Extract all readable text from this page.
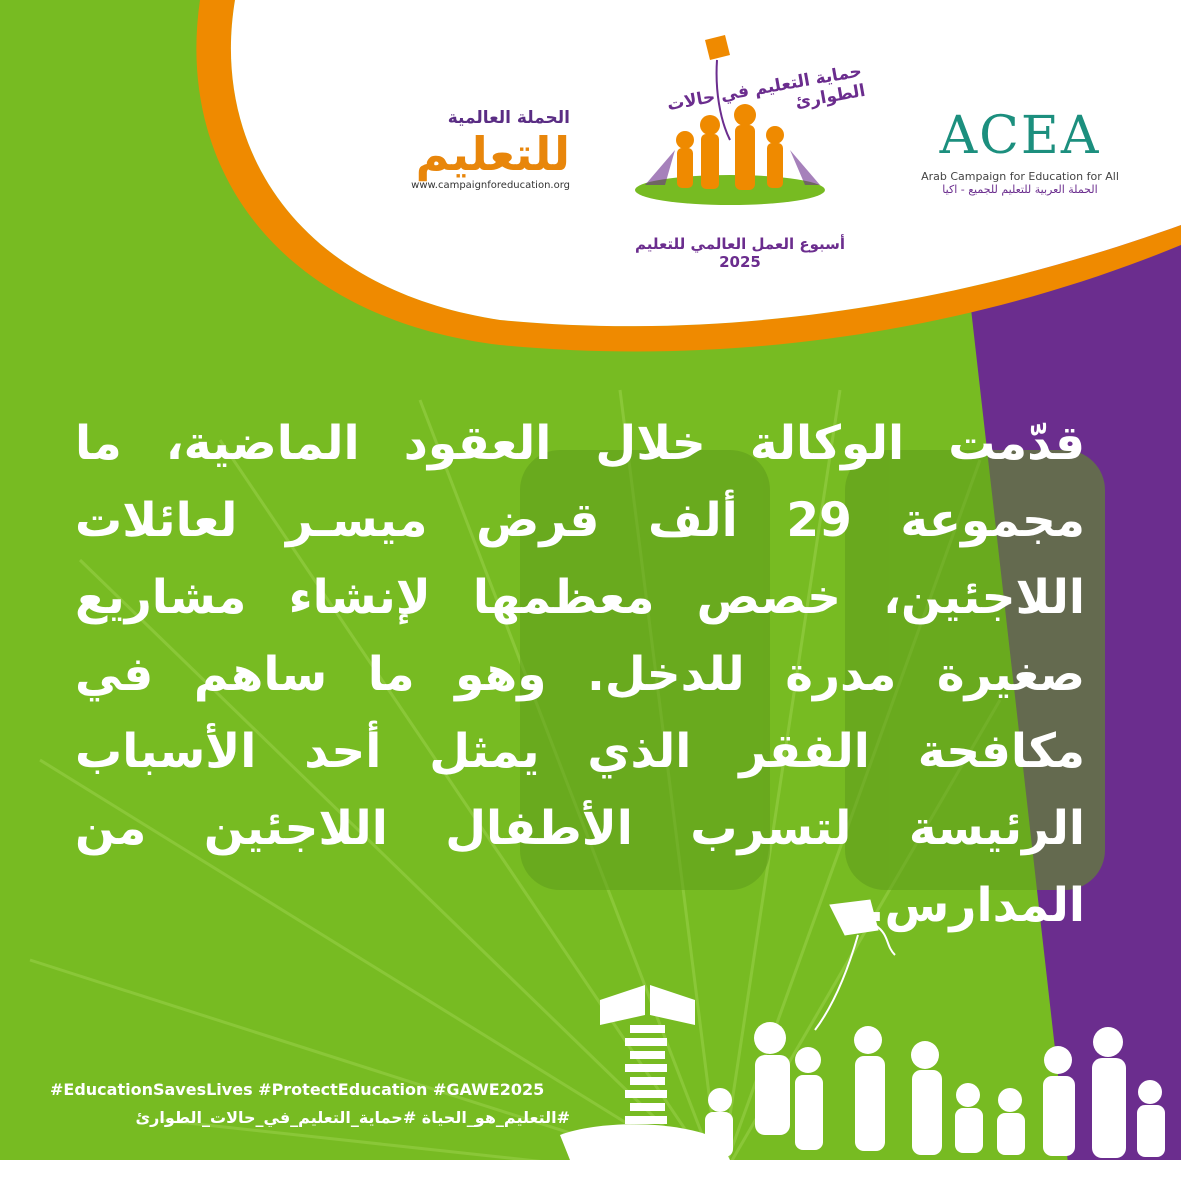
الحملة العالمية
للتعليم
www.campaignforeducation.org
حماية التعليم في حالات الطوارئ
أسبوع العمل العالمي للتعليم 2025
ACEA
Arab Campaign for Education for All
الحملة العربية للتعليم للجميع - اكيا
قدّمت الوكالة خلال العقود الماضية، ما مجموعة 29 ألف قرض ميسـر لعائلات اللاجئين، خصص معظمها لإنشاء مشاريع صغيرة مدرة للدخل. وهو ما ساهم في مكافحة الفقر الذي يمثل أحد الأسباب الرئيسة لتسرب الأطفال اللاجئين من المدارس.
#EducationSavesLives #ProtectEducation #GAWE2025
#التعليم_هو_الحياة #حماية_التعليم_في_حالات_الطوارئ
